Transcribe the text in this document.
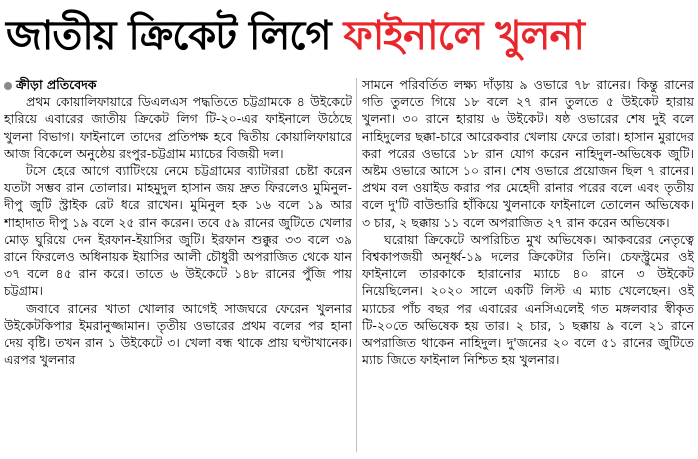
জাতীয় ক্রিকেট লিগে ফাইনালে খুলনা
ক্রীড়া প্রতিবেদক

প্রথম কোয়ালিফায়ারে ডিএলএস পদ্ধতিতে চট্টগ্রামকে ৪ উইকেটে হারিয়ে এবারের জাতীয় ক্রিকেট লিগ টি-২০-এর ফাইনালে উঠেছে খুলনা বিভাগ। ফাইনালে তাদের প্রতিপক্ষ হবে দ্বিতীয় কোয়ালিফায়ারে আজ বিকেলে অনুষ্ঠেয় রংপুর-চট্টগ্রাম ম্যাচের বিজয়ী দল।

টসে হেরে আগে ব্যাটিংয়ে নেমে চট্টগ্রামের ব্যাটাররা চেষ্টা করেন যতটা সম্ভব রান তোলার। মাহমুদুল হাসান জয় দ্রুত ফিরলেও মুমিনুল-দীপু জুটি স্ট্রাইক রেট ধরে রাখেন। মুমিনুল হক ১৬ বলে ১৯ আর শাহাদাত দীপু ১৯ বলে ২৫ রান করেন। তবে ৫৯ রানের জুটিতে খেলার মোড় ঘুরিয়ে দেন ইরফান-ইয়াসির জুটি। ইরফান শুক্কুর ৩৩ বলে ৩৯ রানে ফিরলেও অধিনায়ক ইয়াসির আলী চৌধুরী অপরাজিত থেকে যান ৩৭ বলে ৪৫ রান করে। তাতে ৬ উইকেটে ১৪৮ রানের পুঁজি পায় চট্টগ্রাম।

জবাবে রানের খাতা খোলার আগেই সাজঘরে ফেরেন খুলনার উইকেটকিপার ইমরানুজ্জামান। তৃতীয় ওভারের প্রথম বলের পর হানা দেয় বৃষ্টি। তখন রান ১ উইকেটে ৩। খেলা বন্ধ থাকে প্রায় ঘণ্টাখানেক। এরপর খুলনার

সামনে পরিবর্তিত লক্ষ্য দাঁড়ায় ৯ ওভারে ৭৮ রানের। কিন্তু রানের গতি তুলতে গিয়ে ১৮ বলে ২৭ রান তুলতে ৫ উইকেট হারায় খুলনা। ৩০ রানে হারায় ৬ উইকেট। ষষ্ঠ ওভারের শেষ দুই বলে নাহিদুলের ছক্কা-চারে আরেকবার খেলায় ফেরে তারা। হাসান মুরাদের করা পরের ওভারে ১৮ রান যোগ করেন নাহিদুল-অভিষেক জুটি। অষ্টম ওভারে আসে ১০ রান। শেষ ওভারে প্রয়োজন ছিল ৭ রানের। প্রথম বল ওয়াইড করার পর মেহেদী রানার পরের বলে এবং তৃতীয় বলে দু'টি বাউন্ডারি হাঁকিয়ে খুলনাকে ফাইনালে তোলেন অভিষেক। ৩ চার, ২ ছক্কায় ১১ বলে অপরাজিত ২৭ রান করেন অভিষেক।

ঘরোয়া ক্রিকেটে অপরিচিত মুখ অভিষেক। আকবরের নেতৃত্বে বিশ্বকাপজয়ী অনূর্ধ্ব-১৯ দলের ক্রিকেটার তিনি। চেফস্ট্রুমের ওই ফাইনালে তারকাকে হারানোর ম্যাচে ৪০ রানে ৩ উইকেট নিয়েছিলেন। ২০২০ সালে একটি লিস্ট এ ম্যাচ খেলেছেন। ওই ম্যাচের পাঁচ বছর পর এবারের এনসিএলেই গত মঙ্গলবার স্বীকৃত টি-২০তে অভিষেক হয় তার। ২ চার, ১ ছক্কায় ৯ বলে ২১ রানে অপরাজিত থাকেন নাহিদুল। দু'জনের ২০ বলে ৫১ রানের জুটিতে ম্যাচ জিতে ফাইনাল নিশ্চিত হয় খুলনার।
